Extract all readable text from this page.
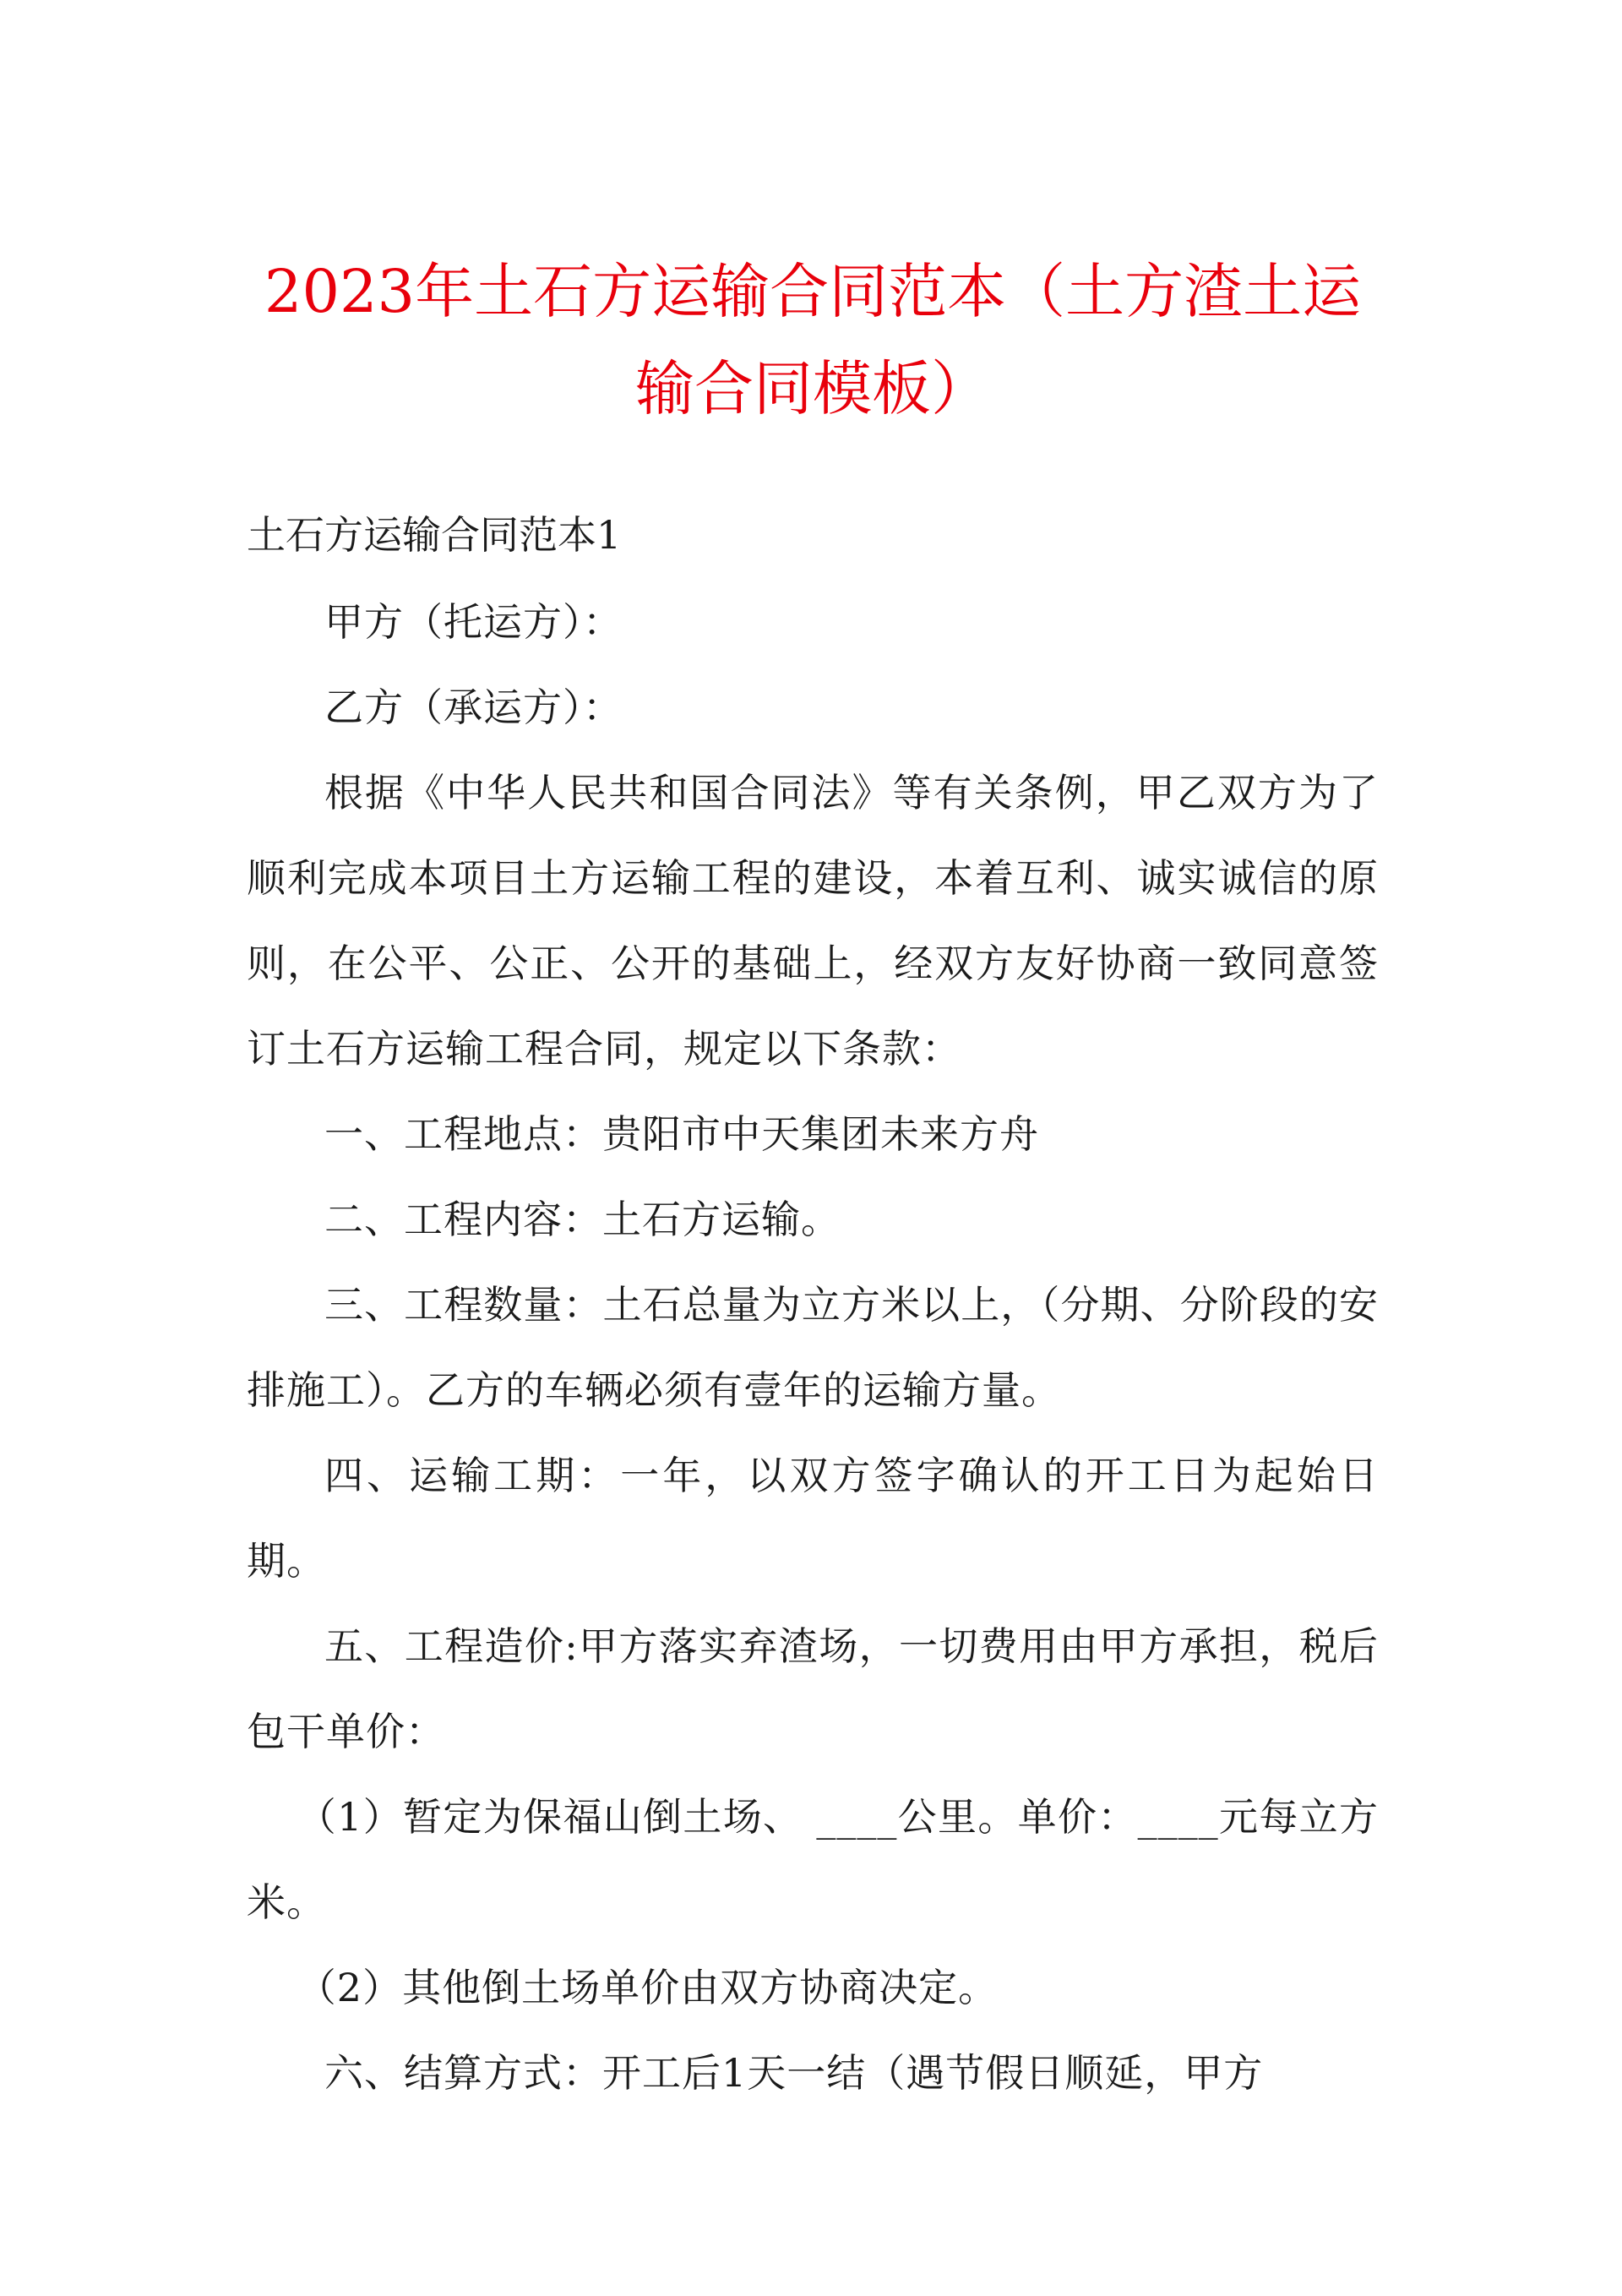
2023年土石方运输合同范本（土方渣土运输合同模板）

土石方运输合同范本1

甲方（托运方）：

乙方（承运方）：

根据《中华人民共和国合同法》等有关条例，甲乙双方为了顺利完成本项目土方运输工程的建设，本着互利、诚实诚信的原则，在公平、公正、公开的基础上，经双方友好协商一致同意签订土石方运输工程合同，规定以下条款：

一、工程地点：贵阳市中天集团未来方舟

二、工程内容：土石方运输。

三、工程数量：土石总量为立方米以上，（分期、分阶段的安排施工）。乙方的车辆必须有壹年的运输方量。

四、运输工期：一年，以双方签字确认的开工日为起始日期。

五、工程造价:甲方落实弃渣场，一切费用由甲方承担，税后包干单价：

（1）暂定为保福山倒土场、 ____公里。单价：____元每立方米。

（2）其他倒土场单价由双方协商决定。

六、结算方式：开工后1天一结（遇节假日顺延，甲方
